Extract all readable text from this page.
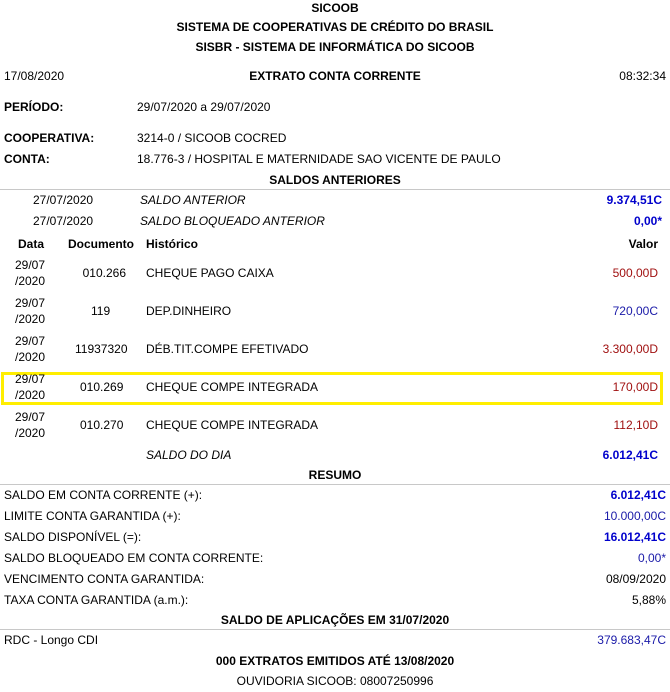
SICOOB
SISTEMA DE COOPERATIVAS DE CRÉDITO DO BRASIL
SISBR - SISTEMA DE INFORMÁTICA DO SICOOB
17/08/2020	EXTRATO CONTA CORRENTE	08:32:34
PERÍODO:	29/07/2020 a 29/07/2020
COOPERATIVA:	3214-0 / SICOOB COCRED
CONTA:	18.776-3 / HOSPITAL E MATERNIDADE SAO VICENTE DE PAULO
SALDOS ANTERIORES
27/07/2020	SALDO ANTERIOR	9.374,51C
27/07/2020	SALDO BLOQUEADO ANTERIOR	0,00*
Data Documento Histórico	Valor
29/07
/2020
010.266 CHEQUE PAGO CAIXA	500,00D
29/07
/2020
119	DEP.DINHEIRO	720,00C
29/07
/2020
11937320 DÉB.TIT.COMPE EFETIVADO	3.300,00D
29/07
/2020
010.269 CHEQUE COMPE INTEGRADA	170,00D
29/07
/2020
010.270 CHEQUE COMPE INTEGRADA	112,10D
SALDO DO DIA	6.012,41C
RESUMO
SALDO EM CONTA CORRENTE (+):	6.012,41C
LIMITE CONTA GARANTIDA (+):	10.000,00C
SALDO DISPONÍVEL (=):	16.012,41C
SALDO BLOQUEADO EM CONTA CORRENTE:	0,00*
VENCIMENTO CONTA GARANTIDA:	08/09/2020
TAXA CONTA GARANTIDA (a.m.):	5,88%
SALDO DE APLICAÇÕES EM 31/07/2020
RDC - Longo CDI	379.683,47C
000 EXTRATOS EMITIDOS ATÉ 13/08/2020
OUVIDORIA SICOOB: 08007250996
